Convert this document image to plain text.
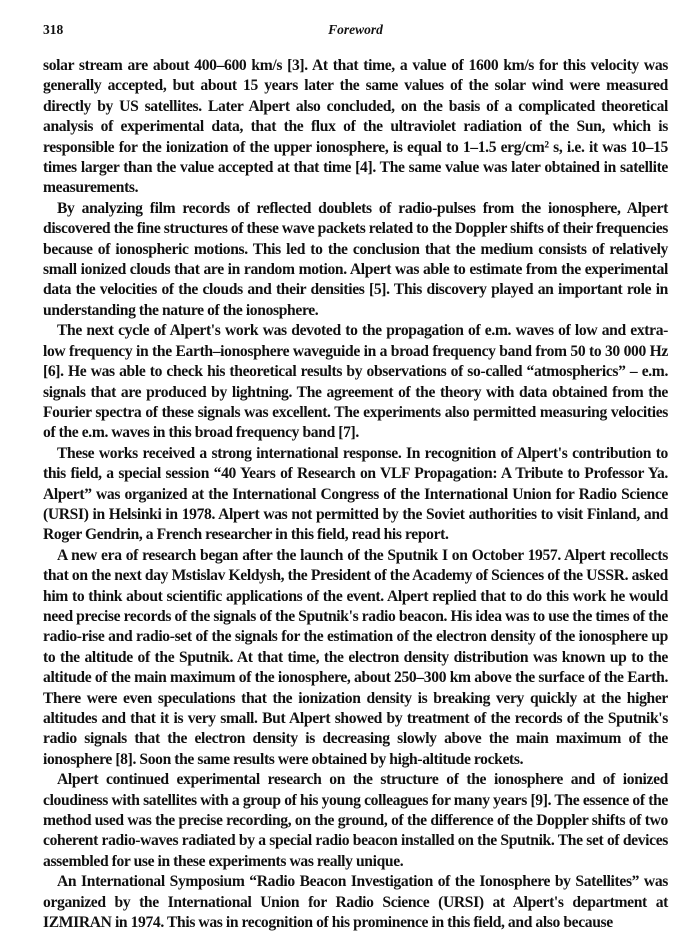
318	Foreword

solar stream are about 400–600 km/s [3]. At that time, a value of 1600 km/s for this velocity was generally accepted, but about 15 years later the same values of the solar wind were measured directly by US satellites. Later Alpert also concluded, on the basis of a complicated theoretical analysis of experimental data, that the flux of the ultraviolet radiation of the Sun, which is responsible for the ionization of the upper ionosphere, is equal to 1–1.5 erg/cm² s, i.e. it was 10–15 times larger than the value accepted at that time [4]. The same value was later obtained in satellite measurements.

By analyzing film records of reflected doublets of radio-pulses from the ionosphere, Alpert discovered the fine structures of these wave packets related to the Doppler shifts of their frequencies because of ionospheric motions. This led to the conclusion that the medium consists of relatively small ionized clouds that are in random motion. Alpert was able to estimate from the experimental data the velocities of the clouds and their densities [5]. This discovery played an important role in understanding the nature of the ionosphere.

The next cycle of Alpert's work was devoted to the propagation of e.m. waves of low and extra-low frequency in the Earth–ionosphere waveguide in a broad frequency band from 50 to 30 000 Hz [6]. He was able to check his theoretical results by observations of so-called “atmospherics” – e.m. signals that are produced by lightning. The agreement of the theory with data obtained from the Fourier spectra of these signals was excellent. The experiments also permitted measuring velocities of the e.m. waves in this broad frequency band [7].

These works received a strong international response. In recognition of Alpert's contribution to this field, a special session “40 Years of Research on VLF Propagation: A Tribute to Professor Ya. Alpert” was organized at the International Congress of the International Union for Radio Science (URSI) in Helsinki in 1978. Alpert was not permitted by the Soviet authorities to visit Finland, and Roger Gendrin, a French researcher in this field, read his report.

A new era of research began after the launch of the Sputnik I on October 1957. Alpert recollects that on the next day Mstislav Keldysh, the President of the Academy of Sciences of the USSR. asked him to think about scientific applications of the event. Alpert replied that to do this work he would need precise records of the signals of the Sputnik's radio beacon. His idea was to use the times of the radio-rise and radio-set of the signals for the estimation of the electron density of the ionosphere up to the altitude of the Sputnik. At that time, the electron density distribution was known up to the altitude of the main maximum of the ionosphere, about 250–300 km above the surface of the Earth. There were even speculations that the ionization density is breaking very quickly at the higher altitudes and that it is very small. But Alpert showed by treatment of the records of the Sputnik's radio signals that the electron density is decreasing slowly above the main maximum of the ionosphere [8]. Soon the same results were obtained by high-altitude rockets.

Alpert continued experimental research on the structure of the ionosphere and of ionized cloudiness with satellites with a group of his young colleagues for many years [9]. The essence of the method used was the precise recording, on the ground, of the difference of the Doppler shifts of two coherent radio-waves radiated by a special radio beacon installed on the Sputnik. The set of devices assembled for use in these experiments was really unique.

An International Symposium “Radio Beacon Investigation of the Ionosphere by Satellites” was organized by the International Union for Radio Science (URSI) at Alpert's department at IZMIRAN in 1974. This was in recognition of his prominence in this field, and also because
